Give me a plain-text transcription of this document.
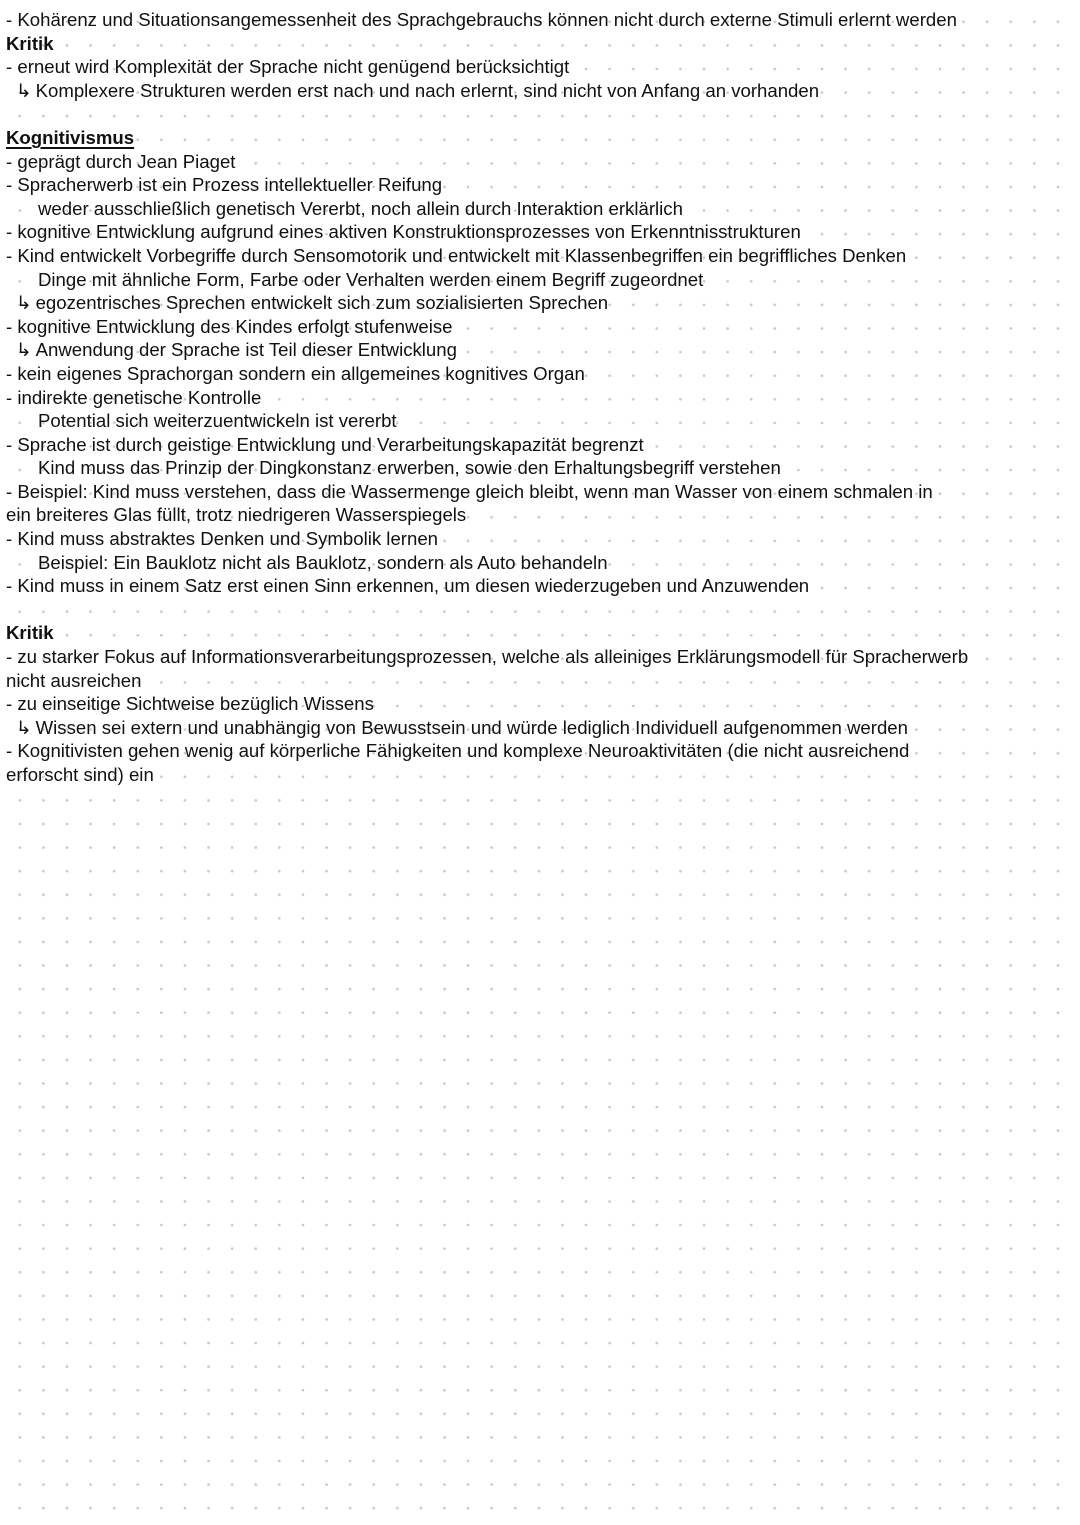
- Kohärenz und Situationsangemessenheit des Sprachgebrauchs können nicht durch externe Stimuli erlernt werden

Kritik

- erneut wird Komplexität der Sprache nicht genügend berücksichtigt

↳ Komplexere Strukturen werden erst nach und nach erlernt, sind nicht von Anfang an vorhanden

Kognitivismus

- geprägt durch Jean Piaget

- Spracherwerb ist ein Prozess intellektueller Reifung

weder ausschließlich genetisch Vererbt, noch allein durch Interaktion erklärlich

- kognitive Entwicklung aufgrund eines aktiven Konstruktionsprozesses von Erkenntnisstrukturen

- Kind entwickelt Vorbegriffe durch Sensomotorik und entwickelt mit Klassenbegriffen ein begriffliches Denken

Dinge mit ähnliche Form, Farbe oder Verhalten werden einem Begriff zugeordnet

↳ egozentrisches Sprechen entwickelt sich zum sozialisierten Sprechen

- kognitive Entwicklung des Kindes erfolgt stufenweise

↳ Anwendung der Sprache ist Teil dieser Entwicklung

- kein eigenes Sprachorgan sondern ein allgemeines kognitives Organ

- indirekte genetische Kontrolle

Potential sich weiterzuentwickeln ist vererbt

- Sprache ist durch geistige Entwicklung und Verarbeitungskapazität begrenzt

Kind muss das Prinzip der Dingkonstanz erwerben, sowie den Erhaltungsbegriff verstehen

- Beispiel: Kind muss verstehen, dass die Wassermenge gleich bleibt, wenn man Wasser von einem schmalen in

ein breiteres Glas füllt, trotz niedrigeren Wasserspiegels

- Kind muss abstraktes Denken und Symbolik lernen

Beispiel: Ein Bauklotz nicht als Bauklotz, sondern als Auto behandeln

- Kind muss in einem Satz erst einen Sinn erkennen, um diesen wiederzugeben und Anzuwenden

Kritik

- zu starker Fokus auf Informationsverarbeitungsprozessen, welche als alleiniges Erklärungsmodell für Spracherwerb

nicht ausreichen

- zu einseitige Sichtweise bezüglich Wissens

↳ Wissen sei extern und unabhängig von Bewusstsein und würde lediglich Individuell aufgenommen werden

- Kognitivisten gehen wenig auf körperliche Fähigkeiten und komplexe Neuroaktivitäten (die nicht ausreichend

erforscht sind) ein
